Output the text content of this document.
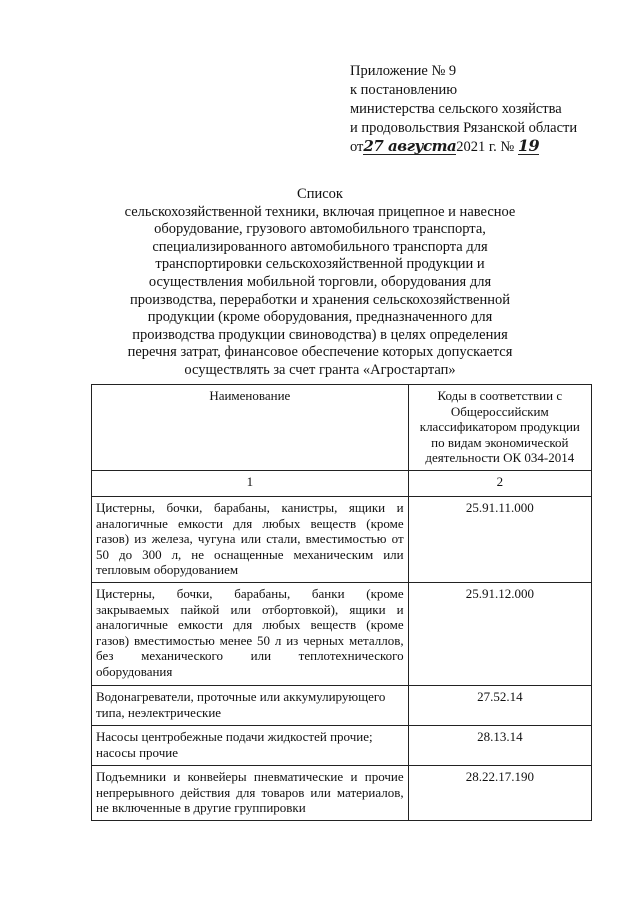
Приложение № 9
к постановлению
министерства сельского хозяйства
и продовольствия Рязанской области
от27 августа2021 г. № 19
Список
сельскохозяйственной техники, включая прицепное и навесное
оборудование, грузового автомобильного транспорта,
специализированного автомобильного транспорта для
транспортировки сельскохозяйственной продукции и
осуществления мобильной торговли, оборудования для
производства, переработки и хранения сельскохозяйственной
продукции (кроме оборудования, предназначенного для
производства продукции свиноводства) в целях определения
перечня затрат, финансовое обеспечение которых допускается
осуществлять за счет гранта «Агростартап»
Наименование	Коды в соответствии с Общероссийским классификатором продукции по видам экономической деятельности ОК 034-2014
1	2
Цистерны, бочки, барабаны, канистры, ящики и аналогичные емкости для любых веществ (кроме газов) из железа, чугуна или стали, вместимостью от 50 до 300 л, не оснащенные механическим или тепловым оборудованием	25.91.11.000
Цистерны, бочки, барабаны, банки (кроме закрываемых пайкой или отбортовкой), ящики и аналогичные емкости для любых веществ (кроме газов) вместимостью менее 50 л из черных металлов, без механического или теплотехнического оборудования	25.91.12.000
Водонагреватели, проточные или аккумулирующего типа, неэлектрические	27.52.14
Насосы центробежные подачи жидкостей прочие; насосы прочие	28.13.14
Подъемники и конвейеры пневматические и прочие непрерывного действия для товаров или материалов, не включенные в другие группировки	28.22.17.190
